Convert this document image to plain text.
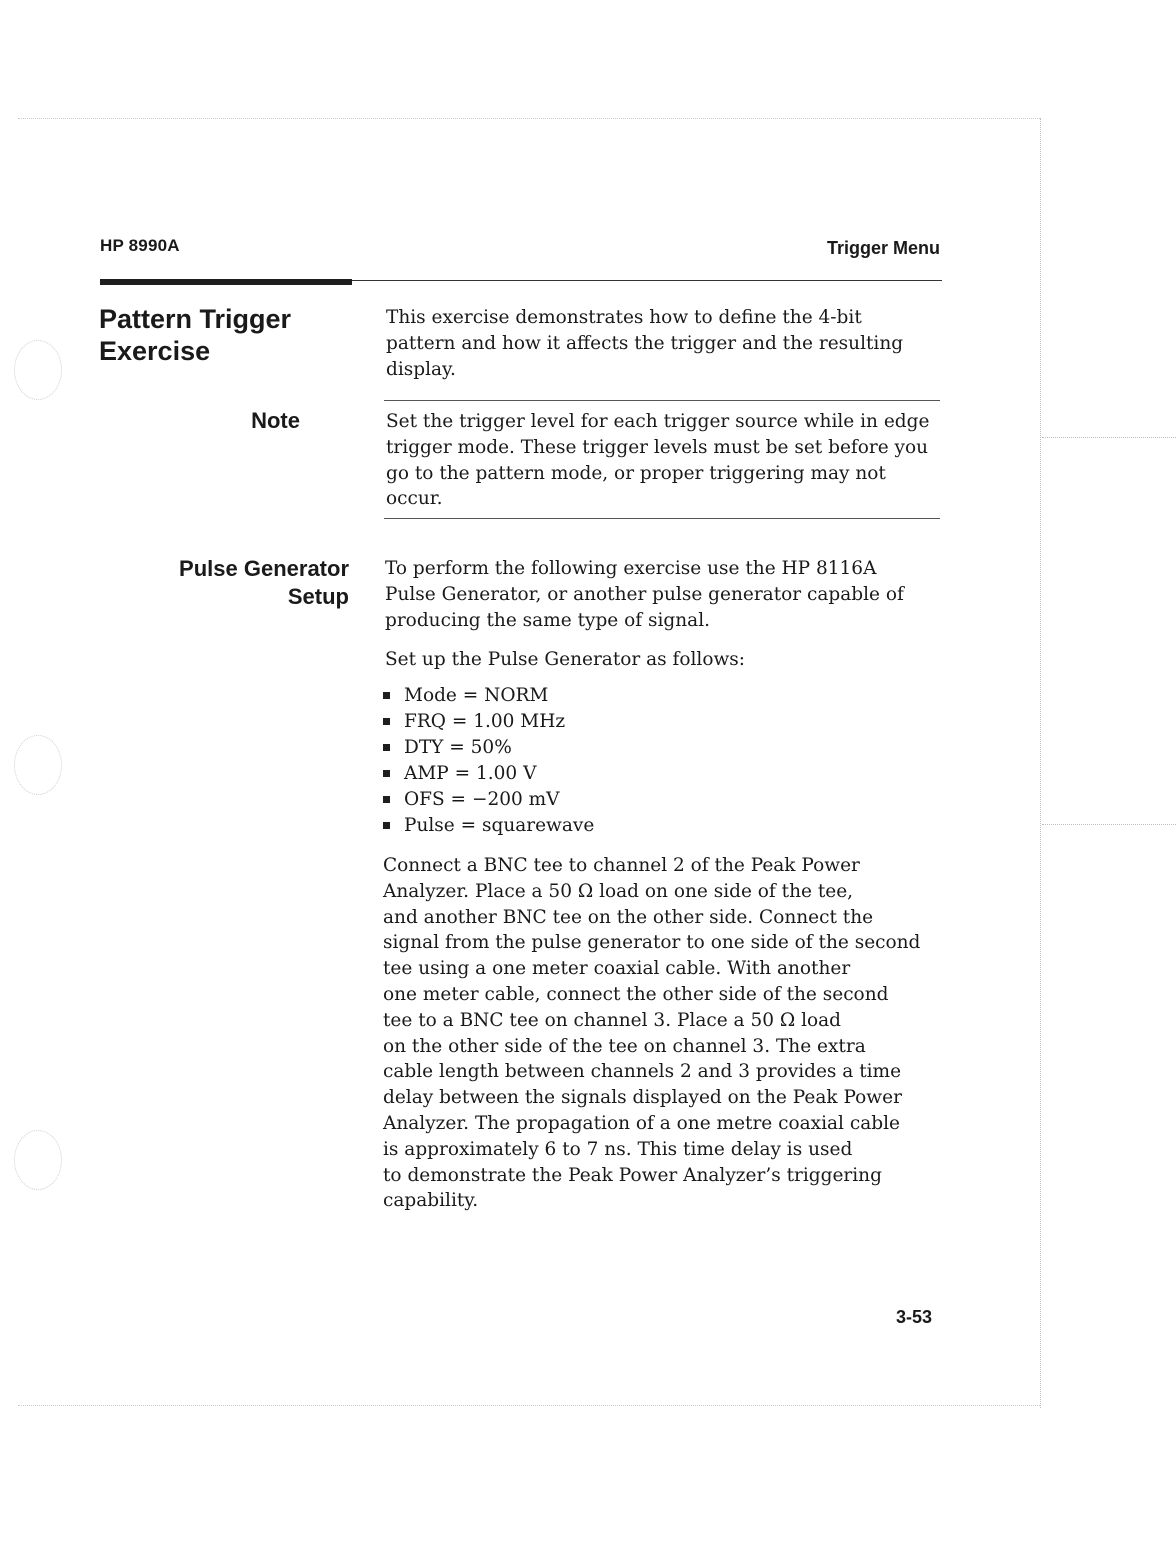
HP 8990A	Trigger Menu
Pattern Trigger
Exercise
This exercise demonstrates how to define the 4-bit
pattern and how it affects the trigger and the resulting
display.
Note	Set the trigger level for each trigger source while in edge
trigger mode. These trigger levels must be set before you
go to the pattern mode, or proper triggering may not
occur.
Pulse Generator
Setup
To perform the following exercise use the HP 8116A
Pulse Generator, or another pulse generator capable of
producing the same type of signal.
Set up the Pulse Generator as follows:
Mode = NORM
FRQ = 1.00 MHz
DTY = 50%
AMP = 1.00 V
OFS = −200 mV
Pulse = squarewave
Connect a BNC tee to channel 2 of the Peak Power
Analyzer. Place a 50 Ω load on one side of the tee,
and another BNC tee on the other side. Connect the
signal from the pulse generator to one side of the second
tee using a one meter coaxial cable. With another
one meter cable, connect the other side of the second
tee to a BNC tee on channel 3. Place a 50 Ω load
on the other side of the tee on channel 3. The extra
cable length between channels 2 and 3 provides a time
delay between the signals displayed on the Peak Power
Analyzer. The propagation of a one metre coaxial cable
is approximately 6 to 7 ns. This time delay is used
to demonstrate the Peak Power Analyzer’s triggering
capability.
3-53
